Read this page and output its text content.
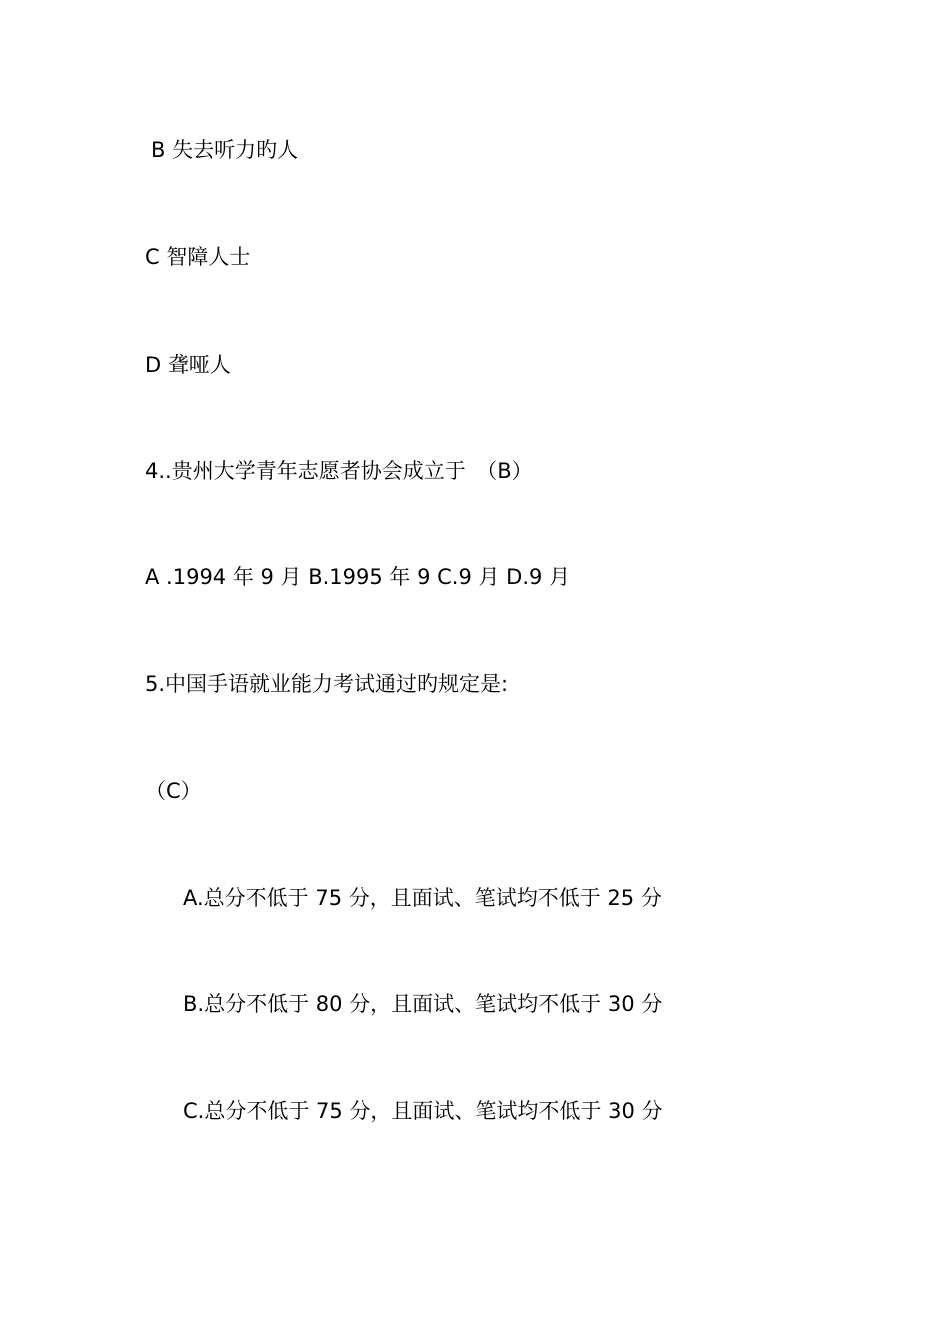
B 失去听力旳人
C 智障人士
D 聋哑人
4..贵州大学青年志愿者协会成立于　（B）
A .1994 年 9 月 B.1995 年 9 C.9 月 D.9 月
5.中国手语就业能力考试通过旳规定是:
（C）
A.总分不低于 75 分，且面试、笔试均不低于 25 分
B.总分不低于 80 分，且面试、笔试均不低于 30 分
C.总分不低于 75 分，且面试、笔试均不低于 30 分
